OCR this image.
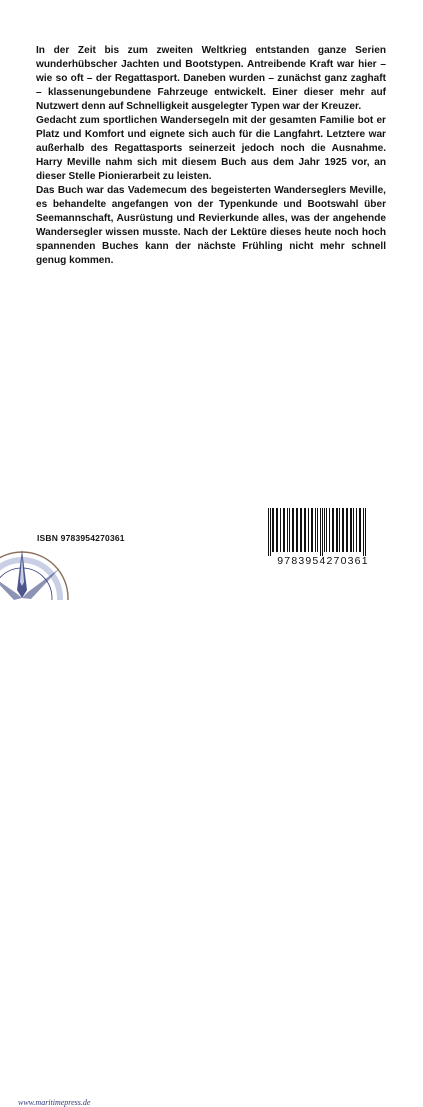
In der Zeit bis zum zweiten Weltkrieg entstanden ganze Serien wunderhübscher Jachten und Bootstypen. Antreibende Kraft war hier – wie so oft – der Regattasport. Daneben wurden – zunächst ganz zaghaft – klassenungebundene Fahrzeuge entwickelt. Einer dieser mehr auf Nutzwert denn auf Schnelligkeit ausgelegter Typen war der Kreuzer.

Gedacht zum sportlichen Wandersegeln mit der gesamten Familie bot er Platz und Komfort und eignete sich auch für die Langfahrt. Letztere war außerhalb des Regattasports seinerzeit jedoch noch die Ausnahme. Harry Meville nahm sich mit diesem Buch aus dem Jahr 1925 vor, an dieser Stelle Pionierarbeit zu leisten.

Das Buch war das Vademecum des begeisterten Wanderseglers Meville, es behandelte angefangen von der Typenkunde und Bootswahl über Seemannschaft, Ausrüstung und Revierkunde alles, was der angehende Wandersegler wissen musste. Nach der Lektüre dieses heute noch hoch spannenden Buches kann der nächste Frühling nicht mehr schnell genug kommen.

ISBN 9783954270361
www.maritimepress.de
9783954270361
